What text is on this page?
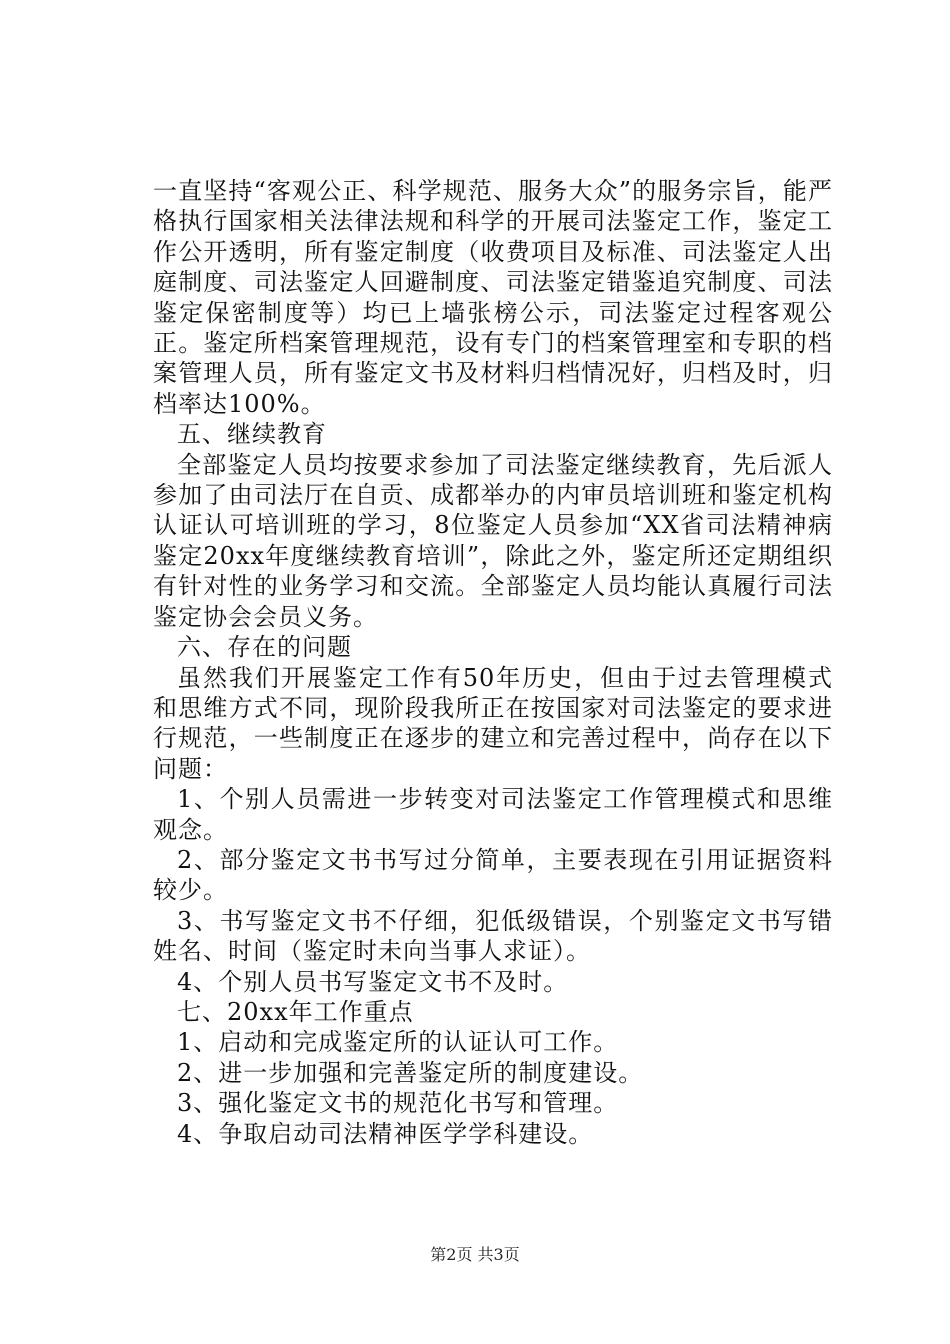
一直坚持“客观公正、科学规范、服务大众”的服务宗旨，能严格执行国家相关法律法规和科学的开展司法鉴定工作，鉴定工作公开透明，所有鉴定制度（收费项目及标准、司法鉴定人出庭制度、司法鉴定人回避制度、司法鉴定错鉴追究制度、司法鉴定保密制度等）均已上墙张榜公示，司法鉴定过程客观公正。鉴定所档案管理规范，设有专门的档案管理室和专职的档案管理人员，所有鉴定文书及材料归档情况好，归档及时，归档率达100%。

五、继续教育

全部鉴定人员均按要求参加了司法鉴定继续教育，先后派人参加了由司法厅在自贡、成都举办的内审员培训班和鉴定机构认证认可培训班的学习，8位鉴定人员参加“XX省司法精神病鉴定20xx年度继续教育培训”，除此之外，鉴定所还定期组织有针对性的业务学习和交流。全部鉴定人员均能认真履行司法鉴定协会会员义务。

六、存在的问题

虽然我们开展鉴定工作有50年历史，但由于过去管理模式和思维方式不同，现阶段我所正在按国家对司法鉴定的要求进行规范，一些制度正在逐步的建立和完善过程中，尚存在以下问题：

1、个别人员需进一步转变对司法鉴定工作管理模式和思维观念。

2、部分鉴定文书书写过分简单，主要表现在引用证据资料较少。

3、书写鉴定文书不仔细，犯低级错误，个别鉴定文书写错姓名、时间（鉴定时未向当事人求证）。

4、个别人员书写鉴定文书不及时。

七、20xx年工作重点

1、启动和完成鉴定所的认证认可工作。

2、进一步加强和完善鉴定所的制度建设。

3、强化鉴定文书的规范化书写和管理。

4、争取启动司法精神医学学科建设。

第2页 共3页
